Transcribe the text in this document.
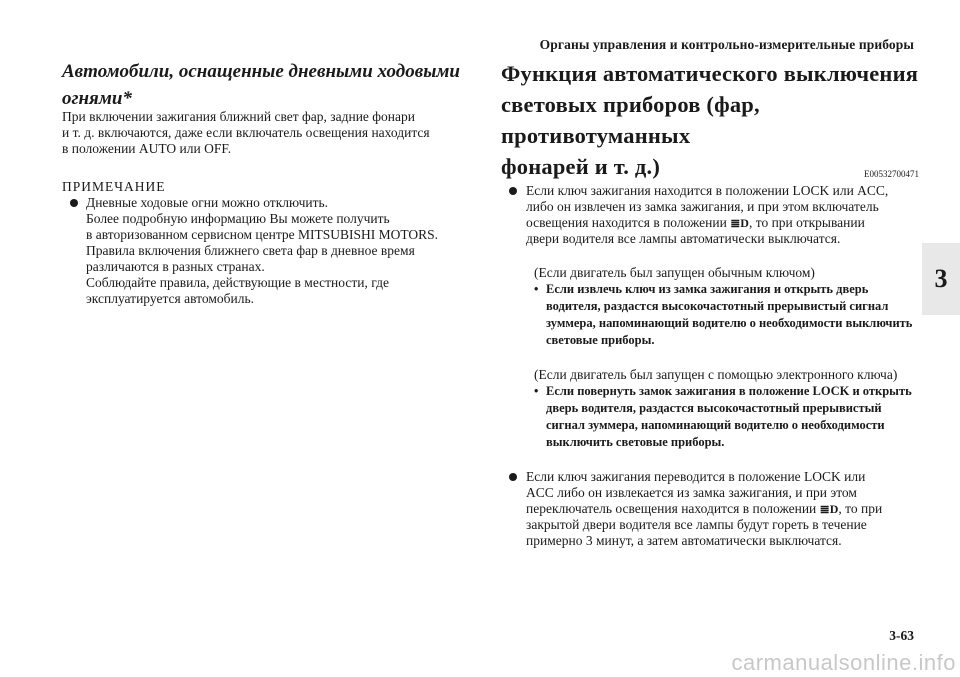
Органы управления и контрольно-измерительные приборы

Автомобили, оснащенные дневными ходовыми
огнями*

При включении зажигания ближний свет фар, задние фонари
и т. д. включаются, даже если включатель освещения находится
в положении AUTO или OFF.

ПРИМЕЧАНИЕ
Дневные ходовые огни можно отключить.
Более подробную информацию Вы можете получить
в авторизованном сервисном центре MITSUBISHI MOTORS.
Правила включения ближнего света фар в дневное время
различаются в разных странах.
Соблюдайте правила, действующие в местности, где
эксплуатируется автомобиль.

Функция автоматического выключения
световых приборов (фар, противотуманных

фонарей и т. д.)	E00532700471
Если ключ зажигания находится в положении LOCK или ACC,
либо он извлечен из замка зажигания, и при этом включатель
освещения находится в положении ≣D, то при открывании
двери водителя все лампы автоматически выключатся.
(Если двигатель был запущен обычным ключом)
• Если извлечь ключ из замка зажигания и открыть дверь
водителя, раздастся высокочастотный прерывистый сигнал
зуммера, напоминающий водителю о необходимости выключить
световые приборы.
(Если двигатель был запущен с помощью электронного ключа)
• Если повернуть замок зажигания в положение LOCK и открыть
дверь водителя, раздастся высокочастотный прерывистый
сигнал зуммера, напоминающий водителю о необходимости
выключить световые приборы.
Если ключ зажигания переводится в положение LOCK или
ACC либо он извлекается из замка зажигания, и при этом
переключатель освещения находится в положении ≣D, то при
закрытой двери водителя все лампы будут гореть в течение
примерно 3 минут, а затем автоматически выключатся.
3
3-63
carmanualsonline.info
